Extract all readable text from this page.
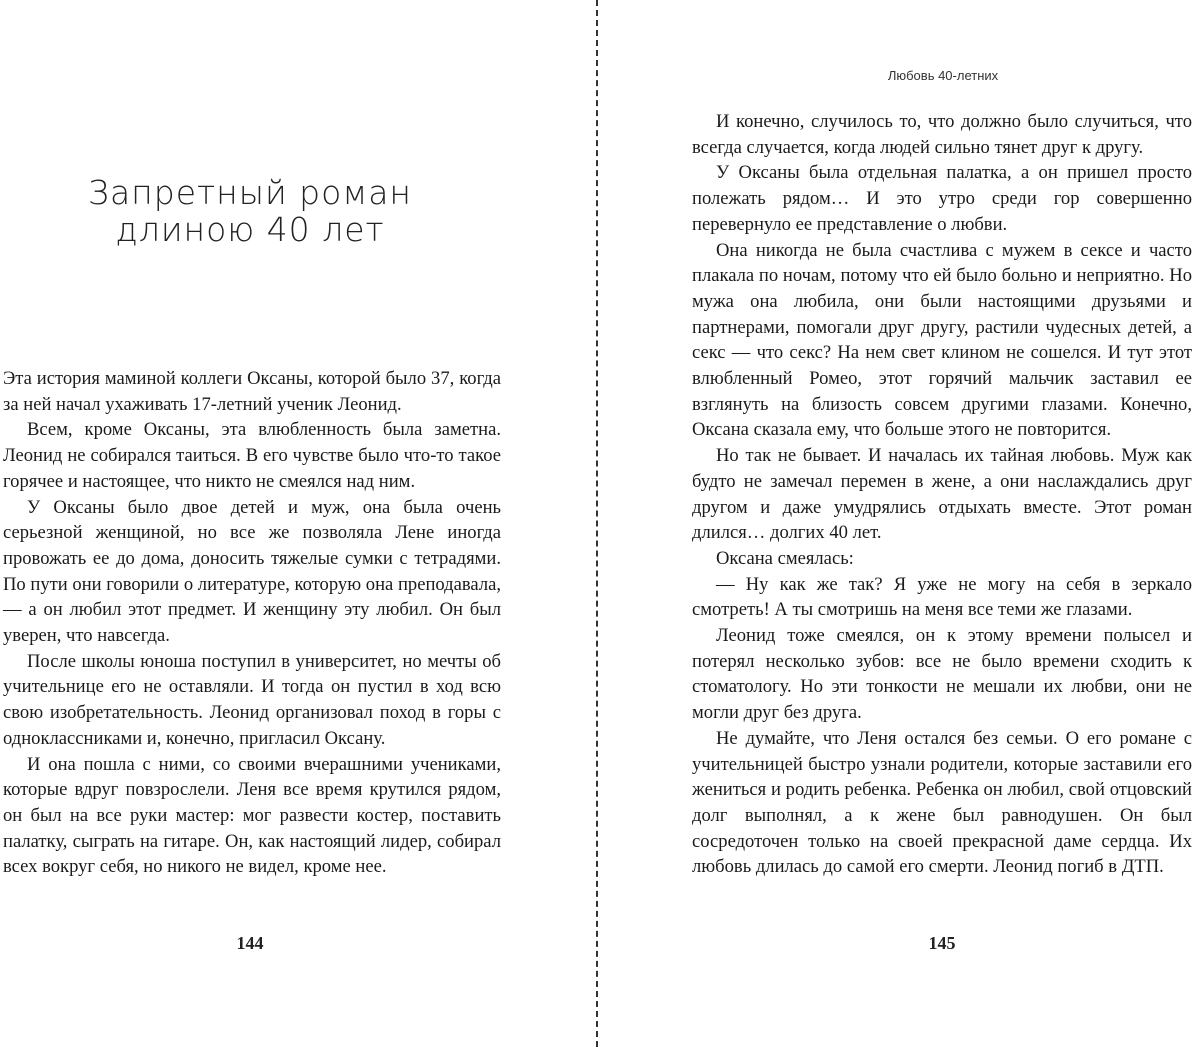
Запретный роман
длиною 40 лет

Эта история маминой коллеги Оксаны, которой было 37, когда за ней начал ухаживать 17-летний ученик Леонид.

Всем, кроме Оксаны, эта влюбленность была заметна. Леонид не собирался таиться. В его чувстве было что-то такое горячее и настоящее, что никто не смеялся над ним.

У Оксаны было двое детей и муж, она была очень серьезной женщиной, но все же позволяла Лене иногда провожать ее до дома, доносить тяжелые сумки с тетрадями. По пути они говорили о литературе, которую она преподавала, — а он любил этот предмет. И женщину эту любил. Он был уверен, что навсегда.

После школы юноша поступил в университет, но мечты об учительнице его не оставляли. И тогда он пустил в ход всю свою изобретательность. Леонид организовал поход в горы с одноклассниками и, конечно, пригласил Оксану.

И она пошла с ними, со своими вчерашними учениками, которые вдруг повзрослели. Леня все время крутился рядом, он был на все руки мастер: мог развести костер, поставить палатку, сыграть на гитаре. Он, как настоящий лидер, собирал всех вокруг себя, но никого не видел, кроме нее.

144
Любовь 40-летних

И конечно, случилось то, что должно было случиться, что всегда случается, когда людей сильно тянет друг к другу.

У Оксаны была отдельная палатка, а он пришел просто полежать рядом… И это утро среди гор совершенно перевернуло ее представление о любви.

Она никогда не была счастлива с мужем в сексе и часто плакала по ночам, потому что ей было больно и неприятно. Но мужа она любила, они были настоящими друзьями и партнерами, помогали друг другу, растили чудесных детей, а секс — что секс? На нем свет клином не сошелся. И тут этот влюбленный Ромео, этот горячий мальчик заставил ее взглянуть на близость совсем другими глазами. Конечно, Оксана сказала ему, что больше этого не повторится.

Но так не бывает. И началась их тайная любовь. Муж как будто не замечал перемен в жене, а они наслаждались друг другом и даже умудрялись отдыхать вместе. Этот роман длился… долгих 40 лет.

Оксана смеялась:

— Ну как же так? Я уже не могу на себя в зеркало смотреть! А ты смотришь на меня все теми же глазами.

Леонид тоже смеялся, он к этому времени полысел и потерял несколько зубов: все не было времени сходить к стоматологу. Но эти тонкости не мешали их любви, они не могли друг без друга.

Не думайте, что Леня остался без семьи. О его романе с учительницей быстро узнали родители, которые заставили его жениться и родить ребенка. Ребенка он любил, свой отцовский долг выполнял, а к жене был равнодушен. Он был сосредоточен только на своей прекрасной даме сердца. Их любовь длилась до самой его смерти. Леонид погиб в ДТП.

145
